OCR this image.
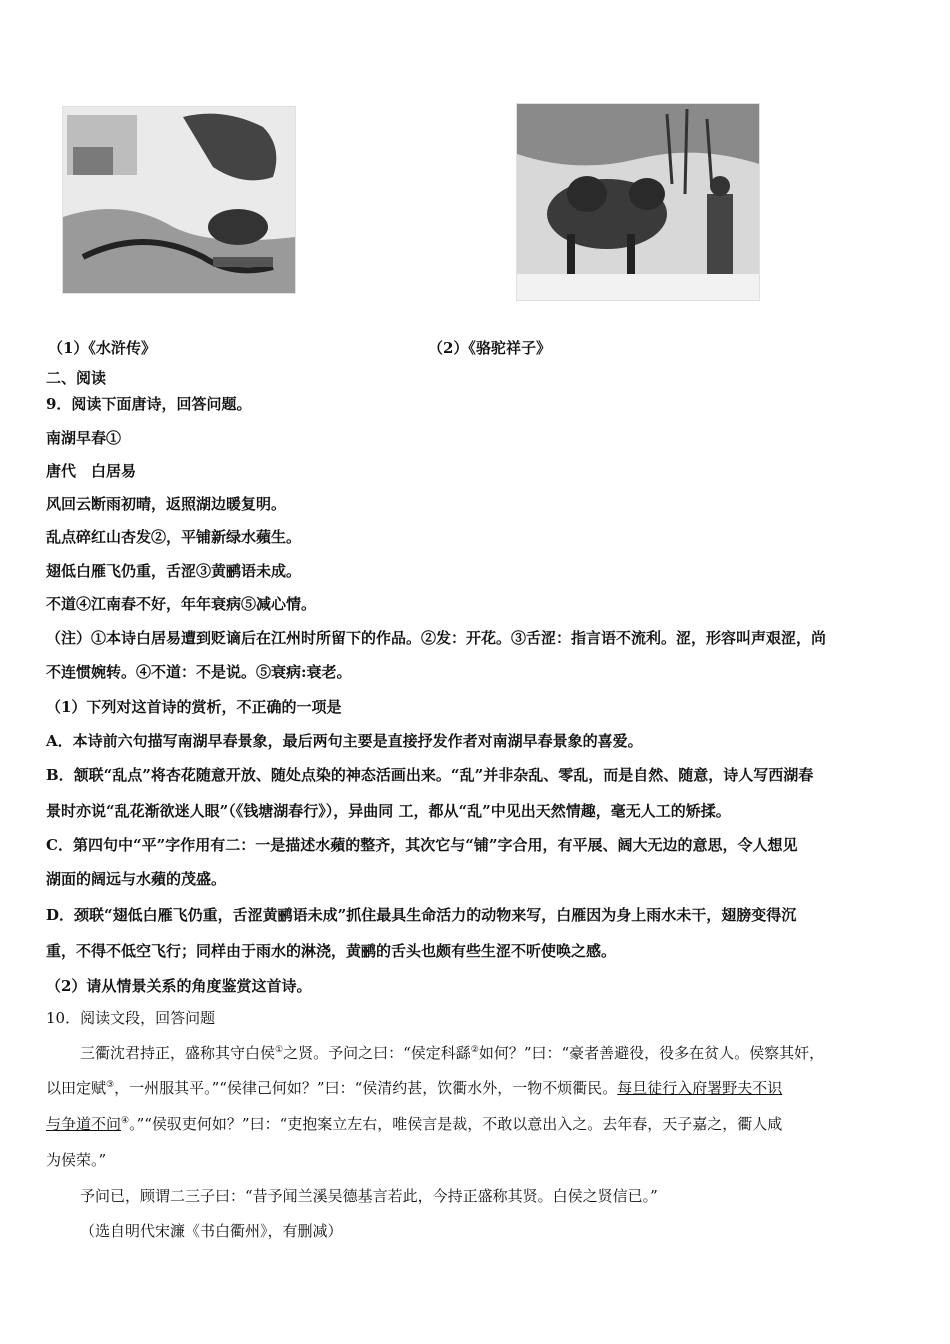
（1）《水浒传》	（2）《骆驼祥子》
二、阅读
9．阅读下面唐诗，回答问题。
南湖早春①
唐代　白居易
风回云断雨初晴，返照湖边暖复明。
乱点碎红山杏发②，平铺新绿水蘋生。
翅低白雁飞仍重，舌涩③黄鹂语未成。
不道④江南春不好，年年衰病⑤减心情。
（注）①本诗白居易遭到贬谪后在江州时所留下的作品。②发：开花。③舌涩：指言语不流利。涩，形容叫声艰涩，尚
不连惯婉转。④不道：不是说。⑤衰病:衰老。
（1）下列对这首诗的赏析，不正确的一项是
A．本诗前六句描写南湖早春景象，最后两句主要是直接抒发作者对南湖早春景象的喜爱。
B．颔联“乱点”将杏花随意开放、随处点染的神态活画出来。“乱”并非杂乱、零乱，而是自然、随意，诗人写西湖春
景时亦说“乱花渐欲迷人眼”（《钱塘湖春行》），异曲同 工，都从“乱”中见出天然情趣，毫无人工的矫揉。
C．第四句中“平”字作用有二：一是描述水蘋的整齐，其次它与“铺”字合用，有平展、阔大无边的意思，令人想见
湖面的阔远与水蘋的茂盛。
D．颈联“翅低白雁飞仍重，舌涩黄鹂语未成”抓住最具生命活力的动物来写，白雁因为身上雨水未干，翅膀变得沉
重，不得不低空飞行；同样由于雨水的淋浇，黄鹂的舌头也颇有些生涩不听使唤之感。
（2）请从情景关系的角度鉴赏这首诗。
10．阅读文段，回答问题
三衢沈君持正，盛称其守白侯①之贤。予问之曰：“侯定科繇②如何？”曰：“豪者善避役，役多在贫人。侯察其奸，
以田定赋③，一州服其平。”“侯律己何如？”曰：“侯清约甚，饮衢水外，一物不烦衢民。每旦徒行入府署野夫不识
与争道不问④。”“侯驭吏何如？”曰：“吏抱案立左右，唯侯言是裁，不敢以意出入之。去年春，天子嘉之，衢人咸
为侯荣。”
予问已，顾谓二三子曰：“昔予闻兰溪吴德基言若此，今持正盛称其贤。白侯之贤信已。”
（选自明代宋濂《书白衢州》，有删减）
